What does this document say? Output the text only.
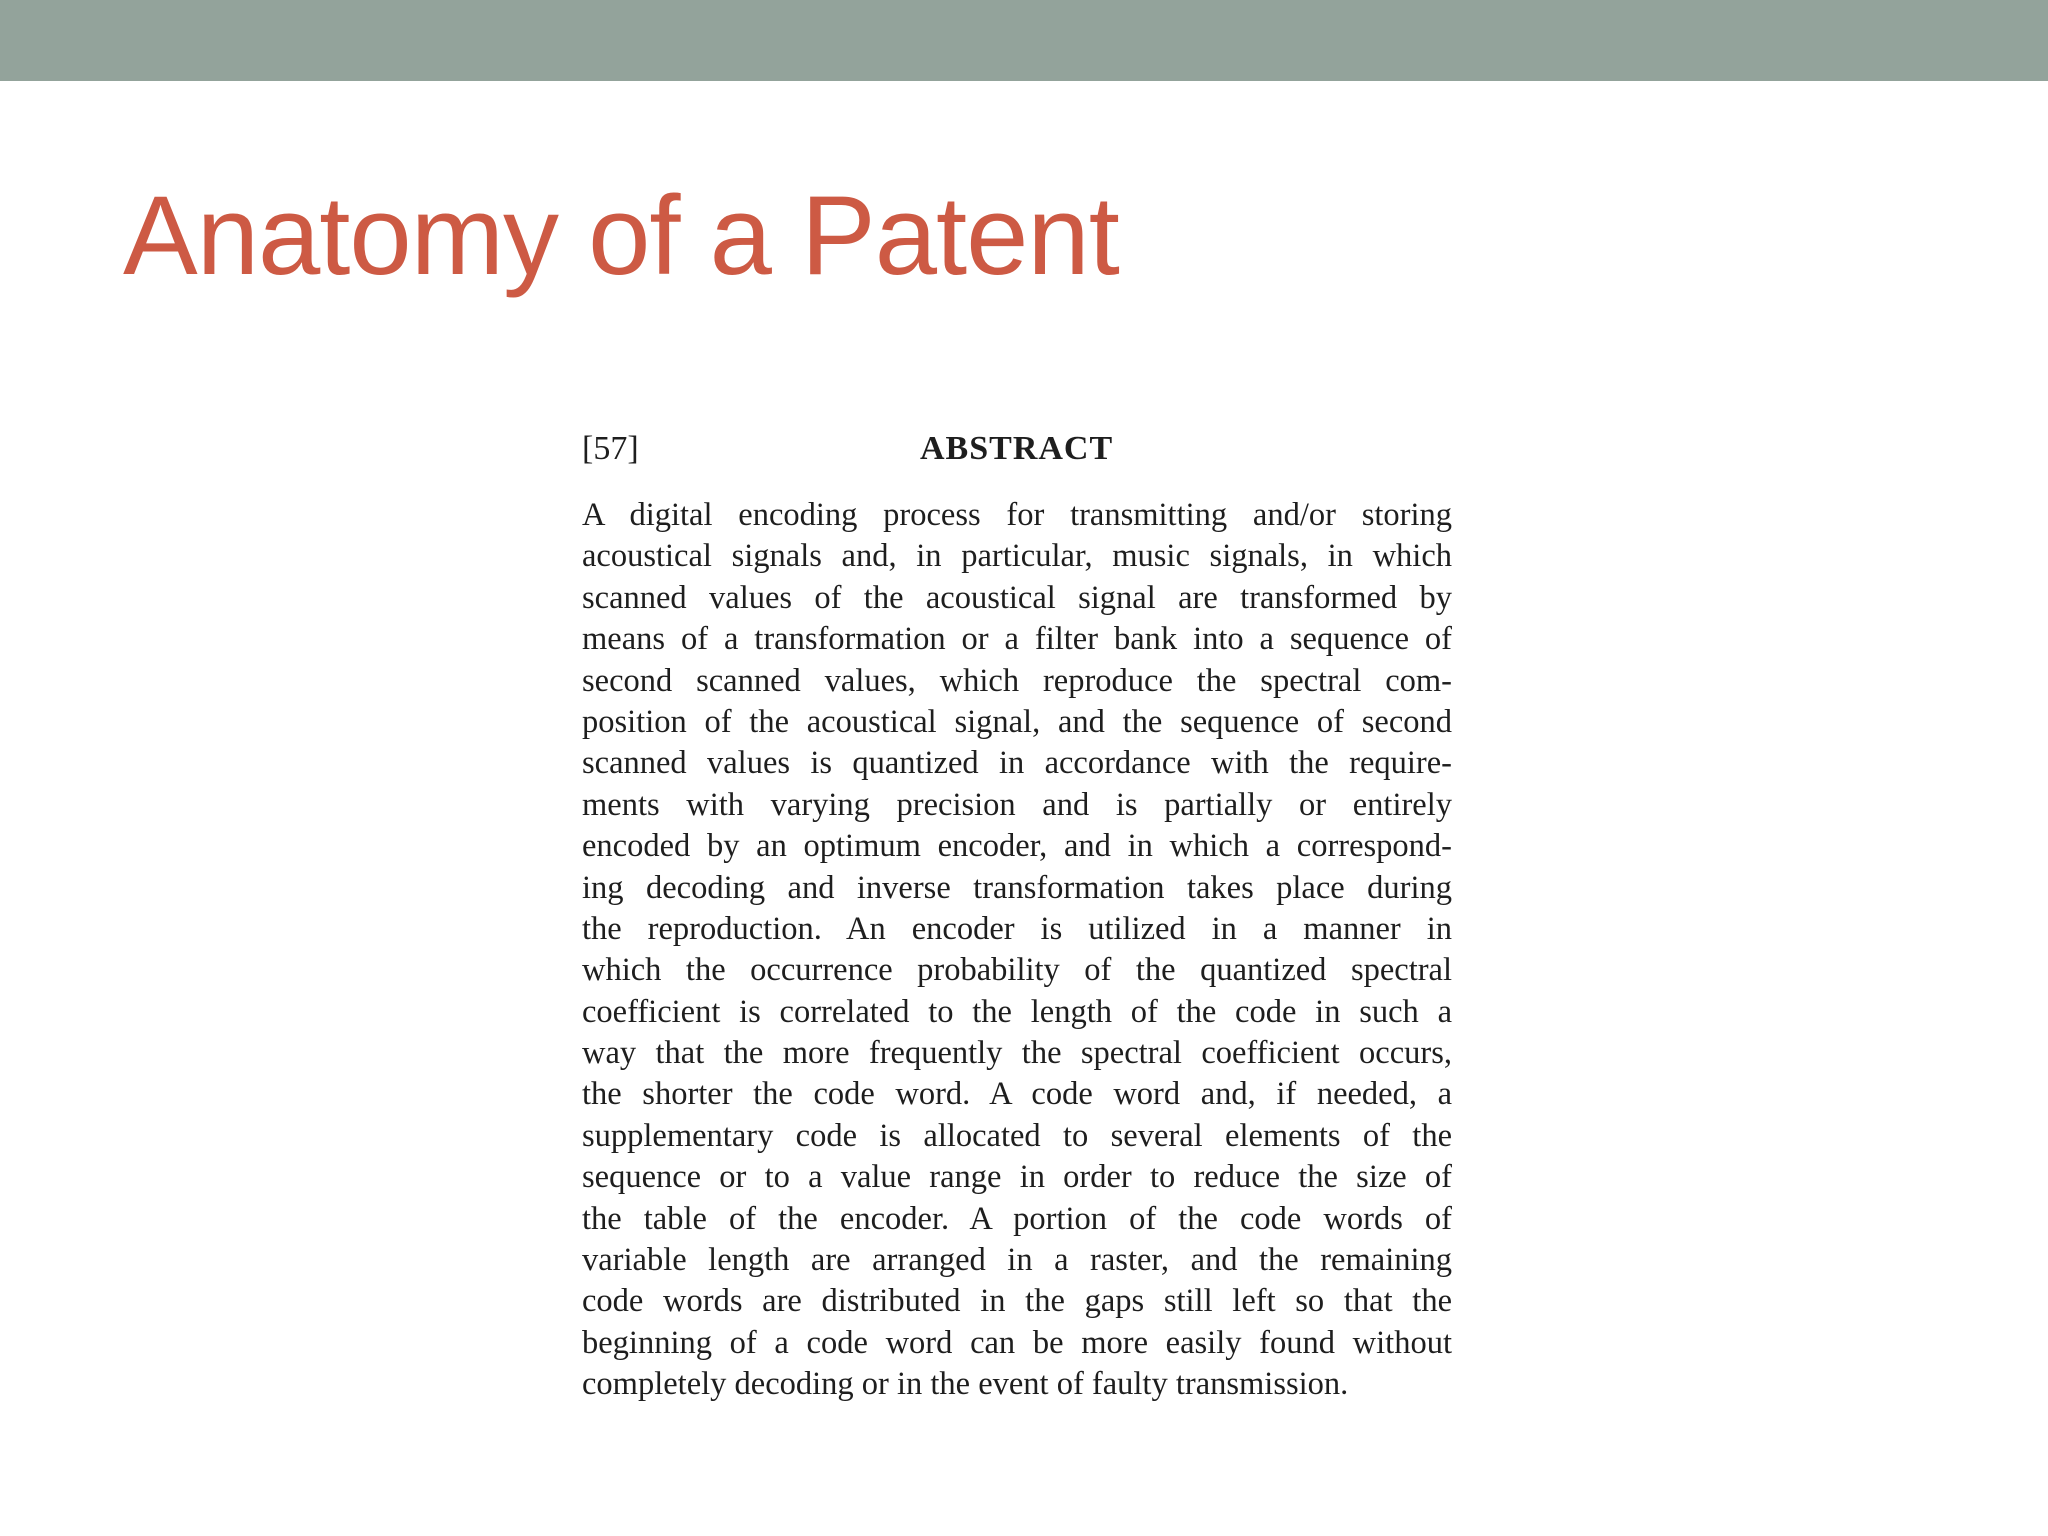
Anatomy of a Patent
[57]	ABSTRACT
A digital encoding process for transmitting and/or storing
acoustical signals and, in particular, music signals, in which
scanned values of the acoustical signal are transformed by
means of a transformation or a filter bank into a sequence of
second scanned values, which reproduce the spectral com-
position of the acoustical signal, and the sequence of second
scanned values is quantized in accordance with the require-
ments with varying precision and is partially or entirely
encoded by an optimum encoder, and in which a correspond-
ing decoding and inverse transformation takes place during
the reproduction. An encoder is utilized in a manner in
which the occurrence probability of the quantized spectral
coefficient is correlated to the length of the code in such a
way that the more frequently the spectral coefficient occurs,
the shorter the code word. A code word and, if needed, a
supplementary code is allocated to several elements of the
sequence or to a value range in order to reduce the size of
the table of the encoder. A portion of the code words of
variable length are arranged in a raster, and the remaining
code words are distributed in the gaps still left so that the
beginning of a code word can be more easily found without
completely decoding or in the event of faulty transmission.
